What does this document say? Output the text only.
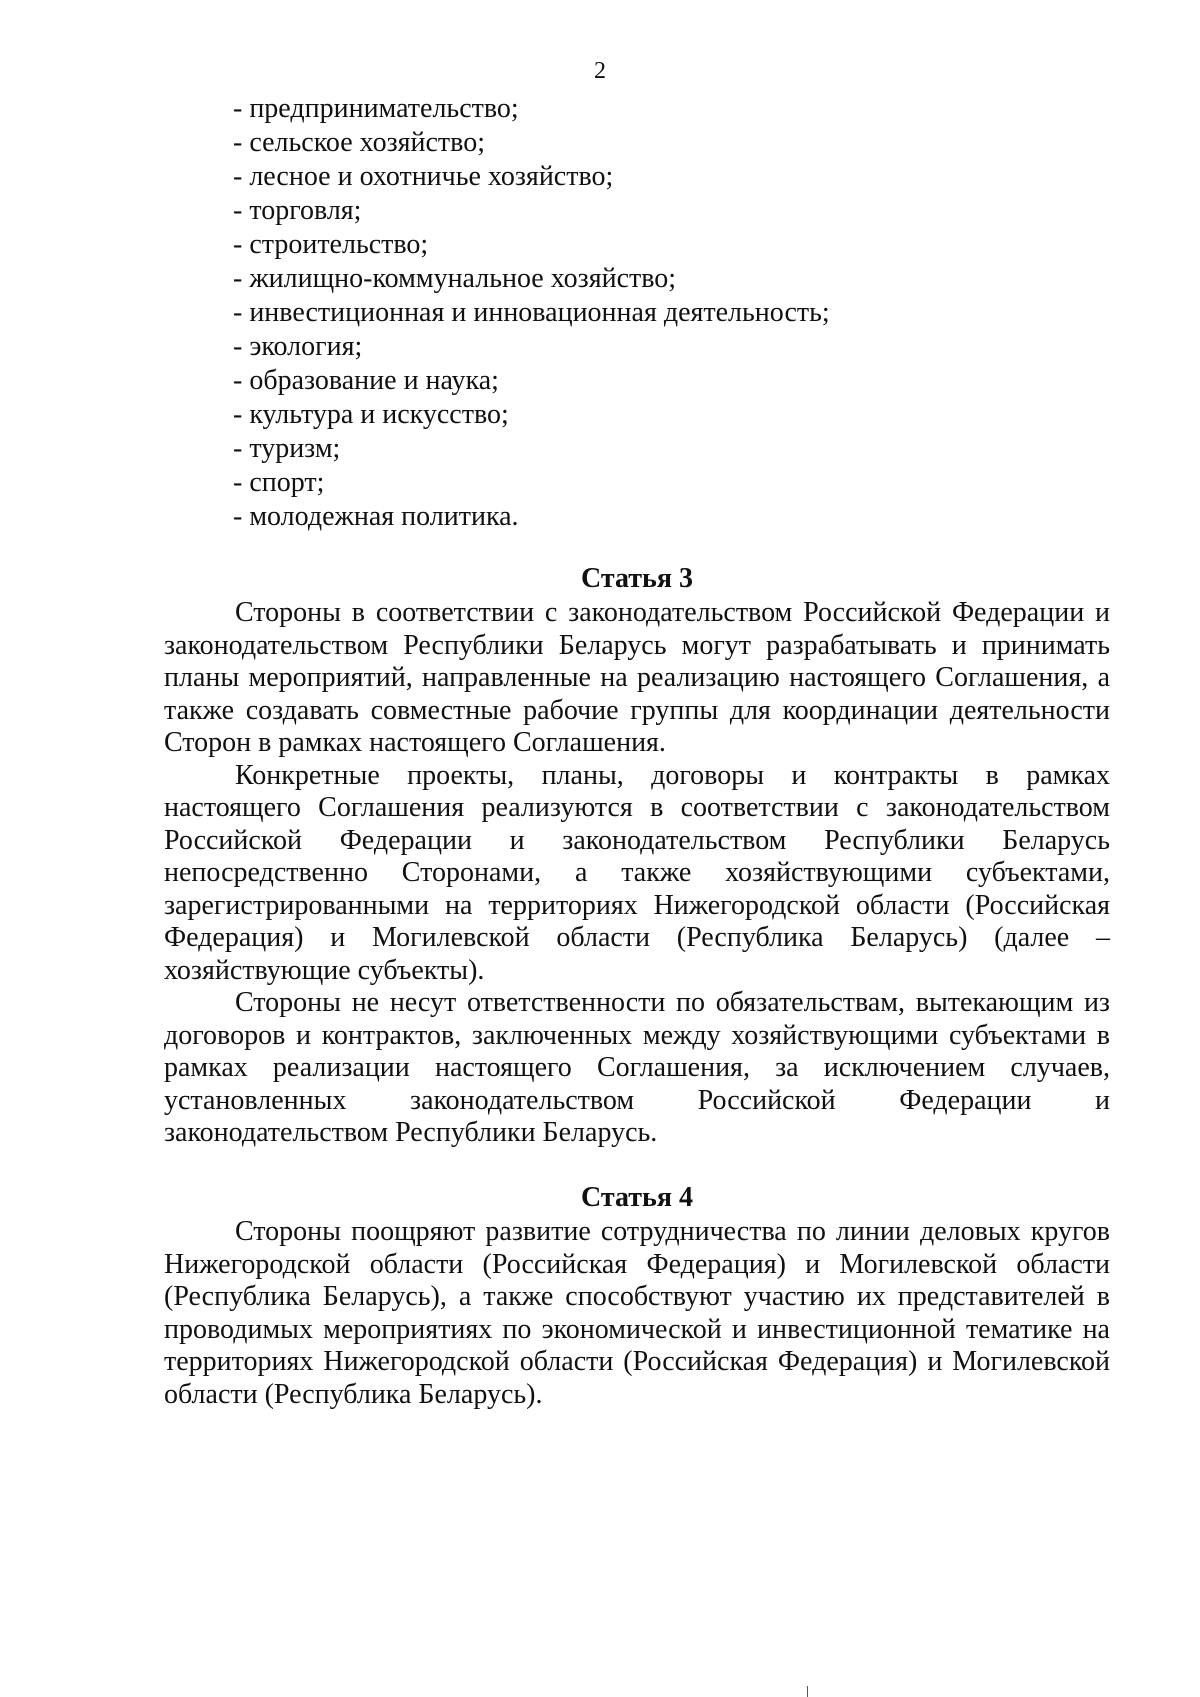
2
- предпринимательство;
- сельское хозяйство;
- лесное и охотничье хозяйство;
- торговля;
- строительство;
- жилищно-коммунальное хозяйство;
- инвестиционная и инновационная деятельность;
- экология;
- образование и наука;
- культура и искусство;
- туризм;
- спорт;
- молодежная политика.
Статья 3

Стороны в соответствии с законодательством Российской Федерации и законодательством Республики Беларусь могут разрабатывать и принимать планы мероприятий, направленные на реализацию настоящего Соглашения, а также создавать совместные рабочие группы для координации деятельности Сторон в рамках настоящего Соглашения.

Конкретные проекты, планы, договоры и контракты в рамках настоящего Соглашения реализуются в соответствии с законодательством Российской Федерации и законодательством Республики Беларусь непосредственно Сторонами, а также хозяйствующими субъектами, зарегистрированными на территориях Нижегородской области (Российская Федерация) и Могилевской области (Республика Беларусь) (далее – хозяйствующие субъекты).

Стороны не несут ответственности по обязательствам, вытекающим из договоров и контрактов, заключенных между хозяйствующими субъектами в рамках реализации настоящего Соглашения, за исключением случаев, установленных законодательством Российской Федерации и законодательством Республики Беларусь.

Статья 4

Стороны поощряют развитие сотрудничества по линии деловых кругов Нижегородской области (Российская Федерация) и Могилевской области (Республика Беларусь), а также способствуют участию их представителей в проводимых мероприятиях по экономической и инвестиционной тематике на территориях Нижегородской области (Российская Федерация) и Могилевской области (Республика Беларусь).
